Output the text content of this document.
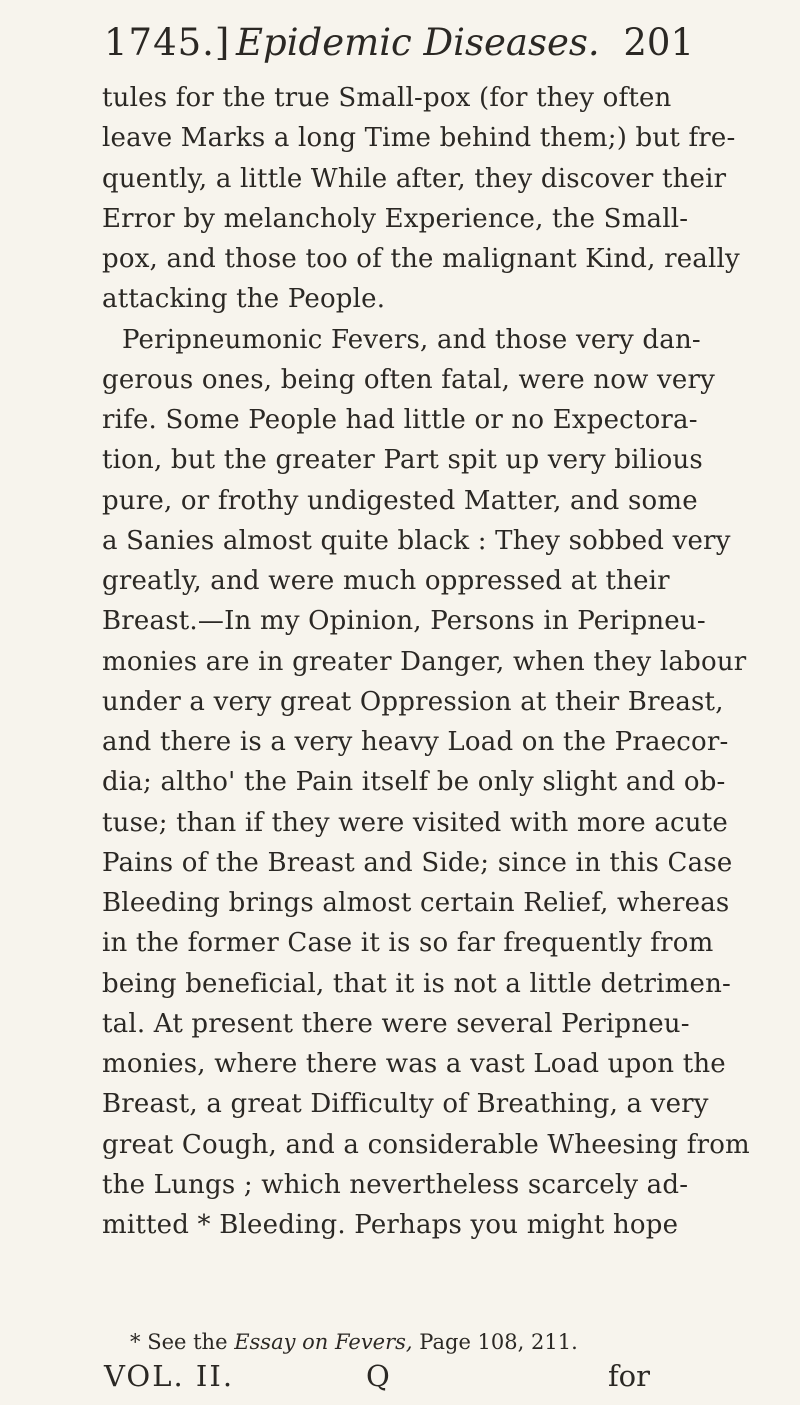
1745.] Epidemic Diseases. 201
tules for the true Small-pox (for they often
leave Marks a long Time behind them;) but fre-
quently, a little While after, they discover their
Error by melancholy Experience, the Small-
pox, and those too of the malignant Kind, really
attacking the People.
Peripneumonic Fevers, and those very dan-
gerous ones, being often fatal, were now very
rife. Some People had little or no Expectora-
tion, but the greater Part spit up very bilious
pure, or frothy undigested Matter, and some
a Sanies almost quite black : They sobbed very
greatly, and were much oppressed at their
Breast.—In my Opinion, Persons in Peripneu-
monies are in greater Danger, when they labour
under a very great Oppression at their Breast,
and there is a very heavy Load on the Praecor-
dia; altho' the Pain itself be only slight and ob-
tuse; than if they were visited with more acute
Pains of the Breast and Side; since in this Case
Bleeding brings almost certain Relief, whereas
in the former Case it is so far frequently from
being beneficial, that it is not a little detrimen-
tal. At present there were several Peripneu-
monies, where there was a vast Load upon the
Breast, a great Difficulty of Breathing, a very
great Cough, and a considerable Wheesing from
the Lungs ; which nevertheless scarcely ad-
mitted * Bleeding. Perhaps you might hope
* See the Essay on Fevers, Page 108, 211.
VOL. II.	Q	for
